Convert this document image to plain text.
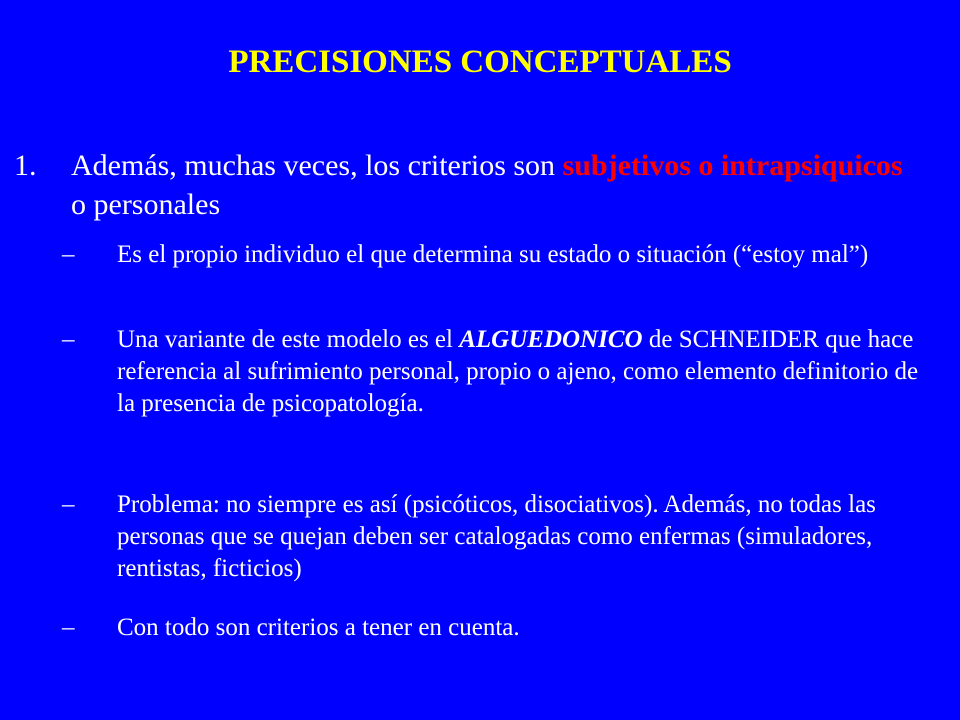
PRECISIONES CONCEPTUALES
1. Además, muchas veces, los criterios son subjetivos o intrapsiquicos o personales
– Es el propio individuo el que determina su estado o situación (“estoy mal”)
– Una variante de este modelo es el ALGUEDONICO de SCHNEIDER que hace referencia al sufrimiento personal, propio o ajeno, como elemento definitorio de la presencia de psicopatología.
– Problema: no siempre es así (psicóticos, disociativos). Además, no todas las personas que se quejan deben ser catalogadas como enfermas (simuladores, rentistas, ficticios)
– Con todo son criterios a tener en cuenta.
